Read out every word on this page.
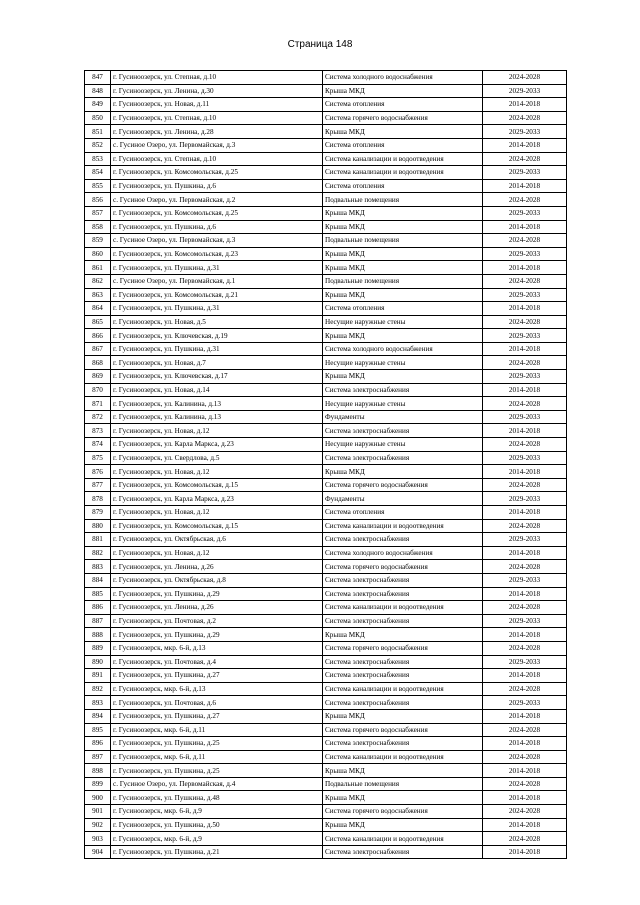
Страница 148
847	г. Гусиноозерск, ул. Степная, д.10	Система холодного водоснабжения	2024-2028
848	г. Гусиноозерск, ул. Ленина, д.30	Крыша МКД	2029-2033
849	г. Гусиноозерск, ул. Новая, д.11	Система отопления	2014-2018
850	г. Гусиноозерск, ул. Степная, д.10	Система горячего водоснабжения	2024-2028
851	г. Гусиноозерск, ул. Ленина, д.28	Крыша МКД	2029-2033
852	с. Гусиное Озеро, ул. Первомайская, д.3	Система отопления	2014-2018
853	г. Гусиноозерск, ул. Степная, д.10	Система канализации и водоотведения	2024-2028
854	г. Гусиноозерск, ул. Комсомольская, д.25	Система канализации и водоотведения	2029-2033
855	г. Гусиноозерск, ул. Пушкина, д.6	Система отопления	2014-2018
856	с. Гусиное Озеро, ул. Первомайская, д.2	Подвальные помещения	2024-2028
857	г. Гусиноозерск, ул. Комсомольская, д.25	Крыша МКД	2029-2033
858	г. Гусиноозерск, ул. Пушкина, д.6	Крыша МКД	2014-2018
859	с. Гусиное Озеро, ул. Первомайская, д.3	Подвальные помещения	2024-2028
860	г. Гусиноозерск, ул. Комсомольская, д.23	Крыша МКД	2029-2033
861	г. Гусиноозерск, ул. Пушкина, д.31	Крыша МКД	2014-2018
862	с. Гусиное Озеро, ул. Первомайская, д.1	Подвальные помещения	2024-2028
863	г. Гусиноозерск, ул. Комсомольская, д.21	Крыша МКД	2029-2033
864	г. Гусиноозерск, ул. Пушкина, д.31	Система отопления	2014-2018
865	г. Гусиноозерск, ул. Новая, д.5	Несущие наружные стены	2024-2028
866	г. Гусиноозерск, ул. Ключевская, д.19	Крыша МКД	2029-2033
867	г. Гусиноозерск, ул. Пушкина, д.31	Система холодного водоснабжения	2014-2018
868	г. Гусиноозерск, ул. Новая, д.7	Несущие наружные стены	2024-2028
869	г. Гусиноозерск, ул. Ключевская, д.17	Крыша МКД	2029-2033
870	г. Гусиноозерск, ул. Новая, д.14	Система электроснабжения	2014-2018
871	г. Гусиноозерск, ул. Калинина, д.13	Несущие наружные стены	2024-2028
872	г. Гусиноозерск, ул. Калинина, д.13	Фундаменты	2029-2033
873	г. Гусиноозерск, ул. Новая, д.12	Система электроснабжения	2014-2018
874	г. Гусиноозерск, ул. Карла Маркса, д.23	Несущие наружные стены	2024-2028
875	г. Гусиноозерск, ул. Свердлова, д.5	Система электроснабжения	2029-2033
876	г. Гусиноозерск, ул. Новая, д.12	Крыша МКД	2014-2018
877	г. Гусиноозерск, ул. Комсомольская, д.15	Система горячего водоснабжения	2024-2028
878	г. Гусиноозерск, ул. Карла Маркса, д.23	Фундаменты	2029-2033
879	г. Гусиноозерск, ул. Новая, д.12	Система отопления	2014-2018
880	г. Гусиноозерск, ул. Комсомольская, д.15	Система канализации и водоотведения	2024-2028
881	г. Гусиноозерск, ул. Октябрьская, д.6	Система электроснабжения	2029-2033
882	г. Гусиноозерск, ул. Новая, д.12	Система холодного водоснабжения	2014-2018
883	г. Гусиноозерск, ул. Ленина, д.26	Система горячего водоснабжения	2024-2028
884	г. Гусиноозерск, ул. Октябрьская, д.8	Система электроснабжения	2029-2033
885	г. Гусиноозерск, ул. Пушкина, д.29	Система электроснабжения	2014-2018
886	г. Гусиноозерск, ул. Ленина, д.26	Система канализации и водоотведения	2024-2028
887	г. Гусиноозерск, ул. Почтовая, д.2	Система электроснабжения	2029-2033
888	г. Гусиноозерск, ул. Пушкина, д.29	Крыша МКД	2014-2018
889	г. Гусиноозерск, мкр. 6-й, д.13	Система горячего водоснабжения	2024-2028
890	г. Гусиноозерск, ул. Почтовая, д.4	Система электроснабжения	2029-2033
891	г. Гусиноозерск, ул. Пушкина, д.27	Система электроснабжения	2014-2018
892	г. Гусиноозерск, мкр. 6-й, д.13	Система канализации и водоотведения	2024-2028
893	г. Гусиноозерск, ул. Почтовая, д.6	Система электроснабжения	2029-2033
894	г. Гусиноозерск, ул. Пушкина, д.27	Крыша МКД	2014-2018
895	г. Гусиноозерск, мкр. 6-й, д.11	Система горячего водоснабжения	2024-2028
896	г. Гусиноозерск, ул. Пушкина, д.25	Система электроснабжения	2014-2018
897	г. Гусиноозерск, мкр. 6-й, д.11	Система канализации и водоотведения	2024-2028
898	г. Гусиноозерск, ул. Пушкина, д.25	Крыша МКД	2014-2018
899	с. Гусиное Озеро, ул. Первомайская, д.4	Подвальные помещения	2024-2028
900	г. Гусиноозерск, ул. Пушкина, д.48	Крыша МКД	2014-2018
901	г. Гусиноозерск, мкр. 6-й, д.9	Система горячего водоснабжения	2024-2028
902	г. Гусиноозерск, ул. Пушкина, д.50	Крыша МКД	2014-2018
903	г. Гусиноозерск, мкр. 6-й, д.9	Система канализации и водоотведения	2024-2028
904	г. Гусиноозерск, ул. Пушкина, д.21	Система электроснабжения	2014-2018
